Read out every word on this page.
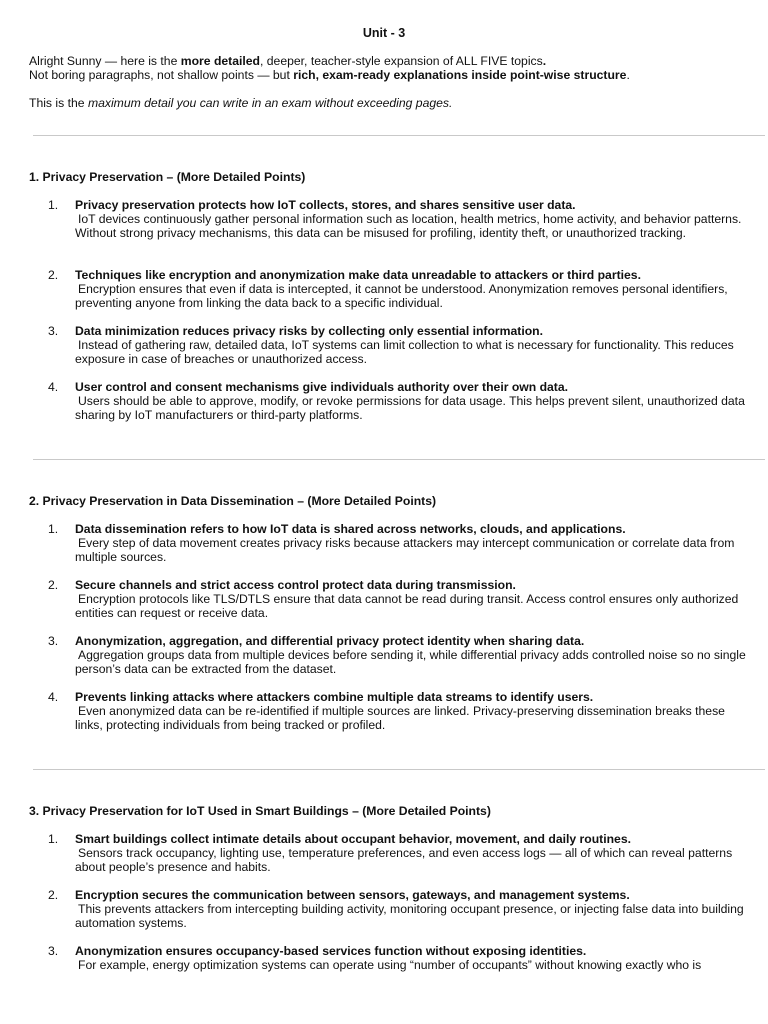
Unit - 3

Alright Sunny — here is the more detailed, deeper, teacher-style expansion of ALL FIVE topics.

Not boring paragraphs, not shallow points — but rich, exam-ready explanations inside point-wise structure.

This is the maximum detail you can write in an exam without exceeding pages.

1. Privacy Preservation – (More Detailed Points)
1.	Privacy preservation protects how IoT collects, stores, and shares sensitive user data.
IoT devices continuously gather personal information such as location, health metrics, home activity, and behavior patterns. Without strong privacy mechanisms, this data can be misused for profiling, identity theft, or unauthorized tracking.
2.	Techniques like encryption and anonymization make data unreadable to attackers or third parties.
Encryption ensures that even if data is intercepted, it cannot be understood. Anonymization removes personal identifiers, preventing anyone from linking the data back to a specific individual.
3.	Data minimization reduces privacy risks by collecting only essential information.
Instead of gathering raw, detailed data, IoT systems can limit collection to what is necessary for functionality. This reduces exposure in case of breaches or unauthorized access.
4.	User control and consent mechanisms give individuals authority over their own data.
Users should be able to approve, modify, or revoke permissions for data usage. This helps prevent silent, unauthorized data sharing by IoT manufacturers or third-party platforms.
2. Privacy Preservation in Data Dissemination – (More Detailed Points)
1.	Data dissemination refers to how IoT data is shared across networks, clouds, and applications.
Every step of data movement creates privacy risks because attackers may intercept communication or correlate data from multiple sources.
2.	Secure channels and strict access control protect data during transmission.
Encryption protocols like TLS/DTLS ensure that data cannot be read during transit. Access control ensures only authorized entities can request or receive data.
3.	Anonymization, aggregation, and differential privacy protect identity when sharing data.
Aggregation groups data from multiple devices before sending it, while differential privacy adds controlled noise so no single person’s data can be extracted from the dataset.
4.	Prevents linking attacks where attackers combine multiple data streams to identify users.
Even anonymized data can be re-identified if multiple sources are linked. Privacy-preserving dissemination breaks these links, protecting individuals from being tracked or profiled.
3. Privacy Preservation for IoT Used in Smart Buildings – (More Detailed Points)
1.	Smart buildings collect intimate details about occupant behavior, movement, and daily routines.
Sensors track occupancy, lighting use, temperature preferences, and even access logs — all of which can reveal patterns about people’s presence and habits.
2.	Encryption secures the communication between sensors, gateways, and management systems.
This prevents attackers from intercepting building activity, monitoring occupant presence, or injecting false data into building automation systems.
3.	Anonymization ensures occupancy-based services function without exposing identities.
For example, energy optimization systems can operate using “number of occupants” without knowing exactly who is
